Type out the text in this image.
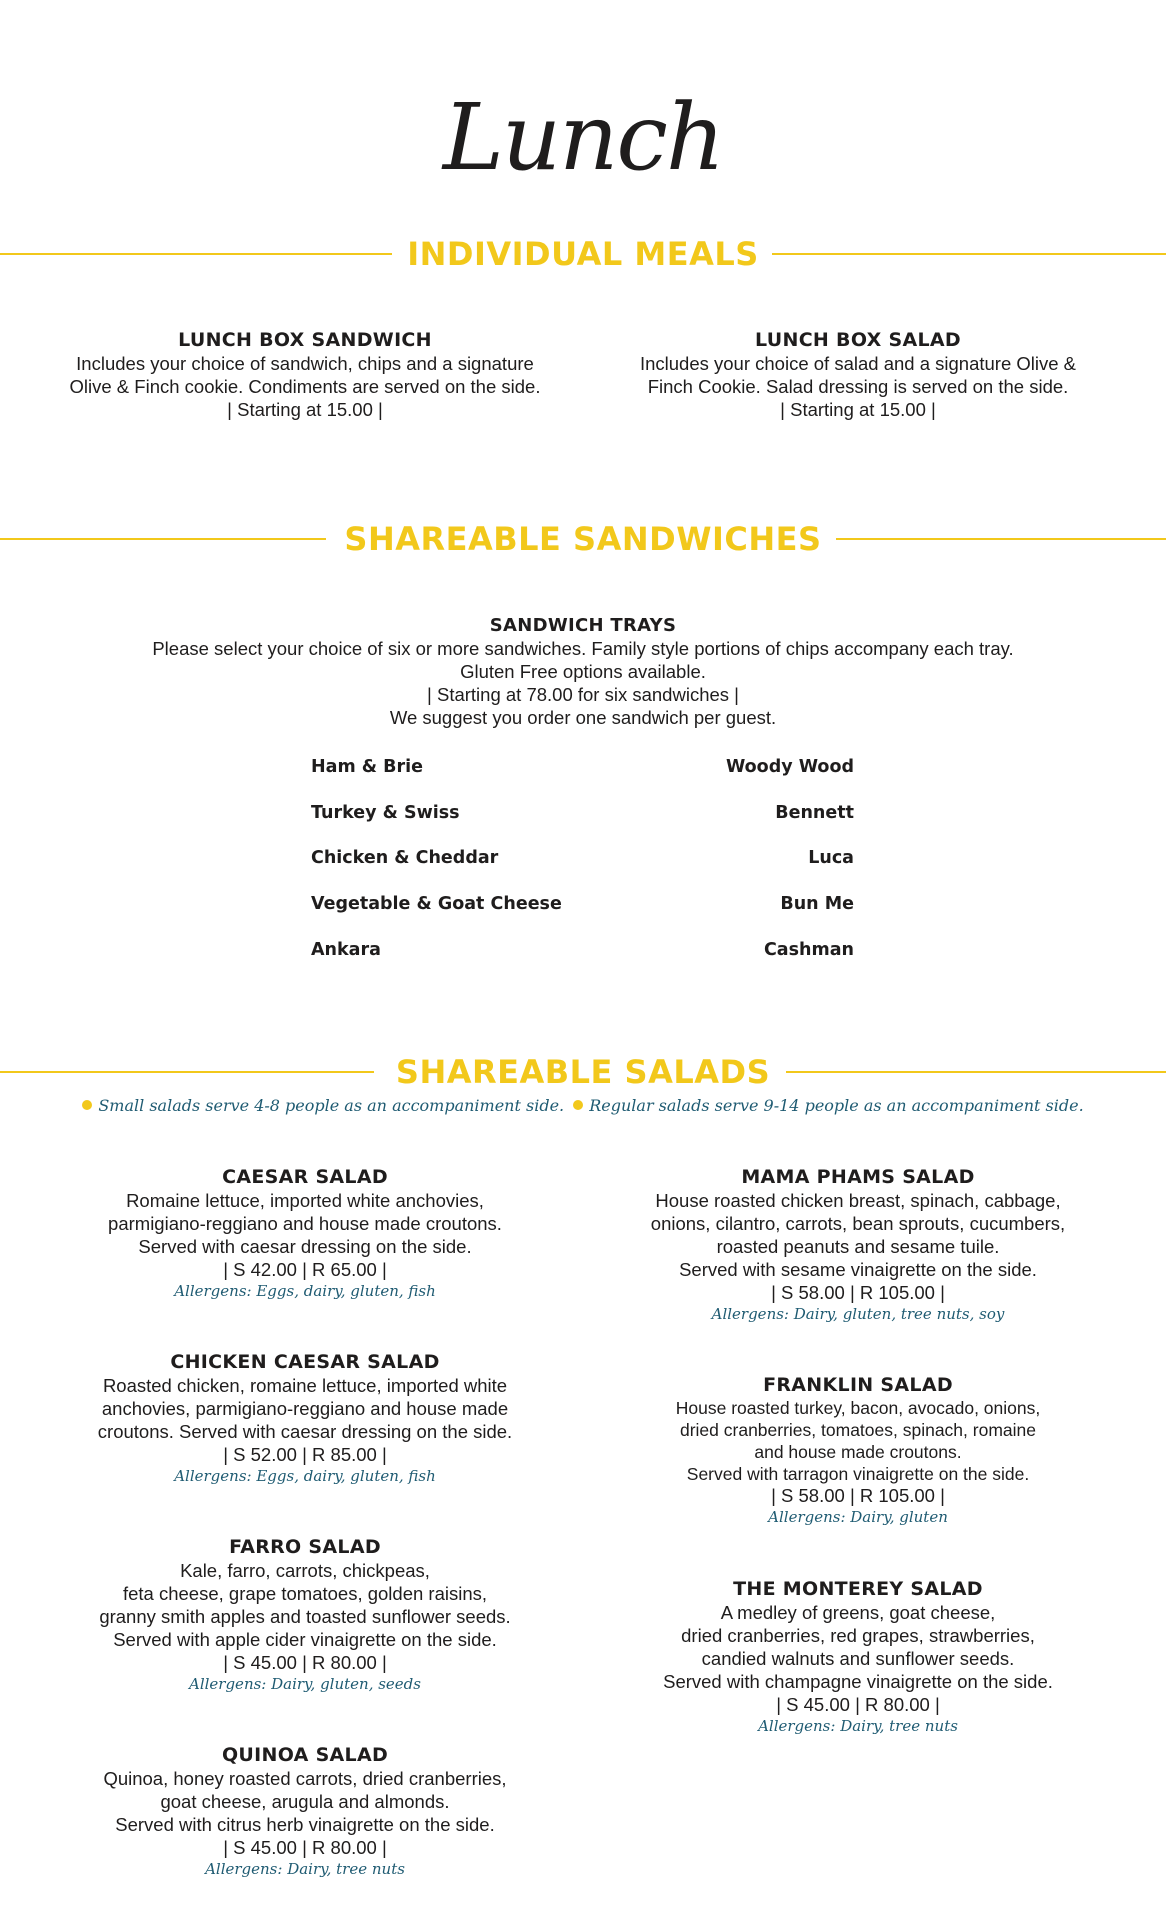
Lunch
INDIVIDUAL MEALS
LUNCH BOX SANDWICH
Includes your choice of sandwich, chips and a signature
Olive & Finch cookie. Condiments are served on the side.
| Starting at 15.00 |
LUNCH BOX SALAD
Includes your choice of salad and a signature Olive &
Finch Cookie. Salad dressing is served on the side.
| Starting at 15.00 |
SHAREABLE SANDWICHES
SANDWICH TRAYS
Please select your choice of six or more sandwiches. Family style portions of chips accompany each tray.
Gluten Free options available.
| Starting at 78.00 for six sandwiches |
We suggest you order one sandwich per guest.
Ham & Brie
Turkey & Swiss
Chicken & Cheddar
Vegetable & Goat Cheese
Ankara
Woody Wood
Bennett
Luca
Bun Me
Cashman
SHAREABLE SALADS
Small salads serve 4-8 people as an accompaniment side. Regular salads serve 9-14 people as an accompaniment side.
CAESAR SALAD
Romaine lettuce, imported white anchovies,
parmigiano-reggiano and house made croutons.
Served with caesar dressing on the side.
| S 42.00 | R 65.00 |
Allergens: Eggs, dairy, gluten, fish
CHICKEN CAESAR SALAD
Roasted chicken, romaine lettuce, imported white
anchovies, parmigiano-reggiano and house made
croutons. Served with caesar dressing on the side.
| S 52.00 | R 85.00 |
Allergens: Eggs, dairy, gluten, fish
FARRO SALAD
Kale, farro, carrots, chickpeas,
feta cheese, grape tomatoes, golden raisins,
granny smith apples and toasted sunflower seeds.
Served with apple cider vinaigrette on the side.
| S 45.00 | R 80.00 |
Allergens: Dairy, gluten, seeds
QUINOA SALAD
Quinoa, honey roasted carrots, dried cranberries,
goat cheese, arugula and almonds.
Served with citrus herb vinaigrette on the side.
| S 45.00 | R 80.00 |
Allergens: Dairy, tree nuts
MAMA PHAMS SALAD
House roasted chicken breast, spinach, cabbage,
onions, cilantro, carrots, bean sprouts, cucumbers,
roasted peanuts and sesame tuile.
Served with sesame vinaigrette on the side.
| S 58.00 | R 105.00 |
Allergens: Dairy, gluten, tree nuts, soy
FRANKLIN SALAD
House roasted turkey, bacon, avocado, onions,
dried cranberries, tomatoes, spinach, romaine
and house made croutons.
Served with tarragon vinaigrette on the side.
| S 58.00 | R 105.00 |
Allergens: Dairy, gluten
THE MONTEREY SALAD
A medley of greens, goat cheese,
dried cranberries, red grapes, strawberries,
candied walnuts and sunflower seeds.
Served with champagne vinaigrette on the side.
| S 45.00 | R 80.00 |
Allergens: Dairy, tree nuts
